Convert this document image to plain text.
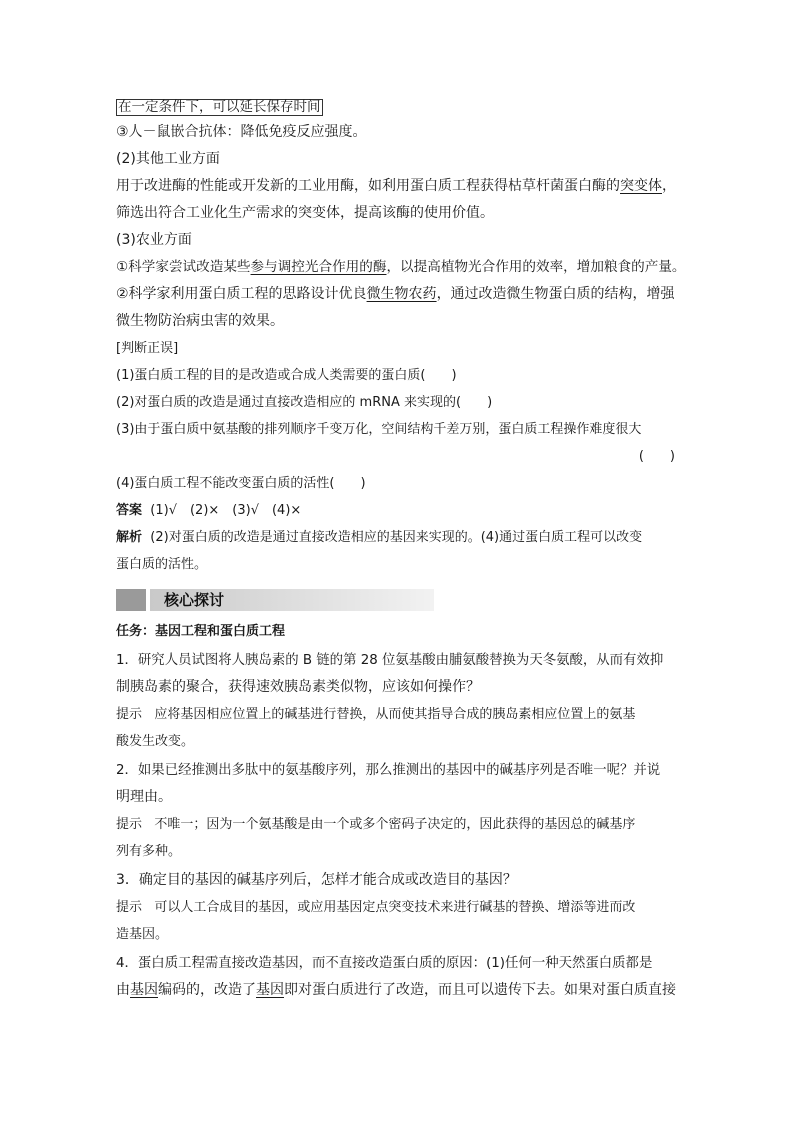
在一定条件下，可以延长保存时间
③人－鼠嵌合抗体：降低免疫反应强度。
(2)其他工业方面
用于改进酶的性能或开发新的工业用酶，如利用蛋白质工程获得枯草杆菌蛋白酶的突变体，
筛选出符合工业化生产需求的突变体，提高该酶的使用价值。
(3)农业方面
①科学家尝试改造某些参与调控光合作用的酶，以提高植物光合作用的效率，增加粮食的产量。
②科学家利用蛋白质工程的思路设计优良微生物农药，通过改造微生物蛋白质的结构，增强
微生物防治病虫害的效果。
[判断正误]
(1)蛋白质工程的目的是改造或合成人类需要的蛋白质(　　)
(2)对蛋白质的改造是通过直接改造相应的 mRNA 来实现的(　　)
(3)由于蛋白质中氨基酸的排列顺序千变万化，空间结构千差万别，蛋白质工程操作难度很大
(　　)
(4)蛋白质工程不能改变蛋白质的活性(　　)
答案 (1)√　(2)×　(3)√　(4)×
解析 (2)对蛋白质的改造是通过直接改造相应的基因来实现的。(4)通过蛋白质工程可以改变
蛋白质的活性。
核心探讨
任务：基因工程和蛋白质工程
1．研究人员试图将人胰岛素的 B 链的第 28 位氨基酸由脯氨酸替换为天冬氨酸，从而有效抑
制胰岛素的聚合，获得速效胰岛素类似物，应该如何操作？
提示 应将基因相应位置上的碱基进行替换，从而使其指导合成的胰岛素相应位置上的氨基
酸发生改变。
2．如果已经推测出多肽中的氨基酸序列，那么推测出的基因中的碱基序列是否唯一呢？并说
明理由。
提示 不唯一；因为一个氨基酸是由一个或多个密码子决定的，因此获得的基因总的碱基序
列有多种。
3．确定目的基因的碱基序列后，怎样才能合成或改造目的基因？
提示 可以人工合成目的基因，或应用基因定点突变技术来进行碱基的替换、增添等进而改
造基因。
4．蛋白质工程需直接改造基因，而不直接改造蛋白质的原因：(1)任何一种天然蛋白质都是
由基因编码的，改造了基因即对蛋白质进行了改造，而且可以遗传下去。如果对蛋白质直接
